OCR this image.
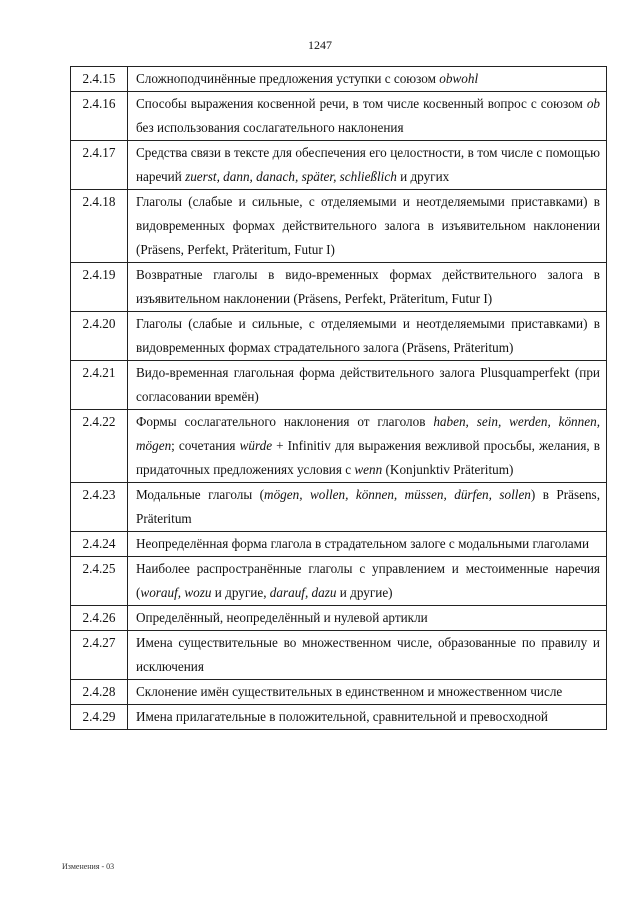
1247
2.4.15	Сложноподчинённые предложения уступки с союзом obwohl
2.4.16	Способы выражения косвенной речи, в том числе косвенный вопрос с союзом ob без использования сослагательного наклонения
2.4.17	Средства связи в тексте для обеспечения его целостности, в том числе с помощью наречий zuerst, dann, danach, später, schließlich и других
2.4.18	Глаголы (слабые и сильные, с отделяемыми и неотделяемыми приставками) в видовременных формах действительного залога в изъявительном наклонении (Präsens, Perfekt, Präteritum, Futur I)
2.4.19	Возвратные глаголы в видо-временных формах действительного залога в изъявительном наклонении (Präsens, Perfekt, Präteritum, Futur I)
2.4.20	Глаголы (слабые и сильные, с отделяемыми и неотделяемыми приставками) в видовременных формах страдательного залога (Präsens, Präteritum)
2.4.21	Видо-временная глагольная форма действительного залога Plusquamperfekt (при согласовании времён)
2.4.22	Формы сослагательного наклонения от глаголов haben, sein, werden, können, mögen; сочетания würde + Infinitiv для выражения вежливой просьбы, желания, в придаточных предложениях условия с wenn (Konjunktiv Präteritum)
2.4.23	Модальные глаголы (mögen, wollen, können, müssen, dürfen, sollen) в Präsens, Präteritum
2.4.24	Неопределённая форма глагола в страдательном залоге с модальными глаголами
2.4.25	Наиболее распространённые глаголы с управлением и местоименные наречия (worauf, wozu и другие, darauf, dazu и другие)
2.4.26	Определённый, неопределённый и нулевой артикли
2.4.27	Имена существительные во множественном числе, образованные по правилу и исключения
2.4.28	Склонение имён существительных в единственном и множественном числе
2.4.29	Имена прилагательные в положительной, сравнительной и превосходной
Изменения - 03
